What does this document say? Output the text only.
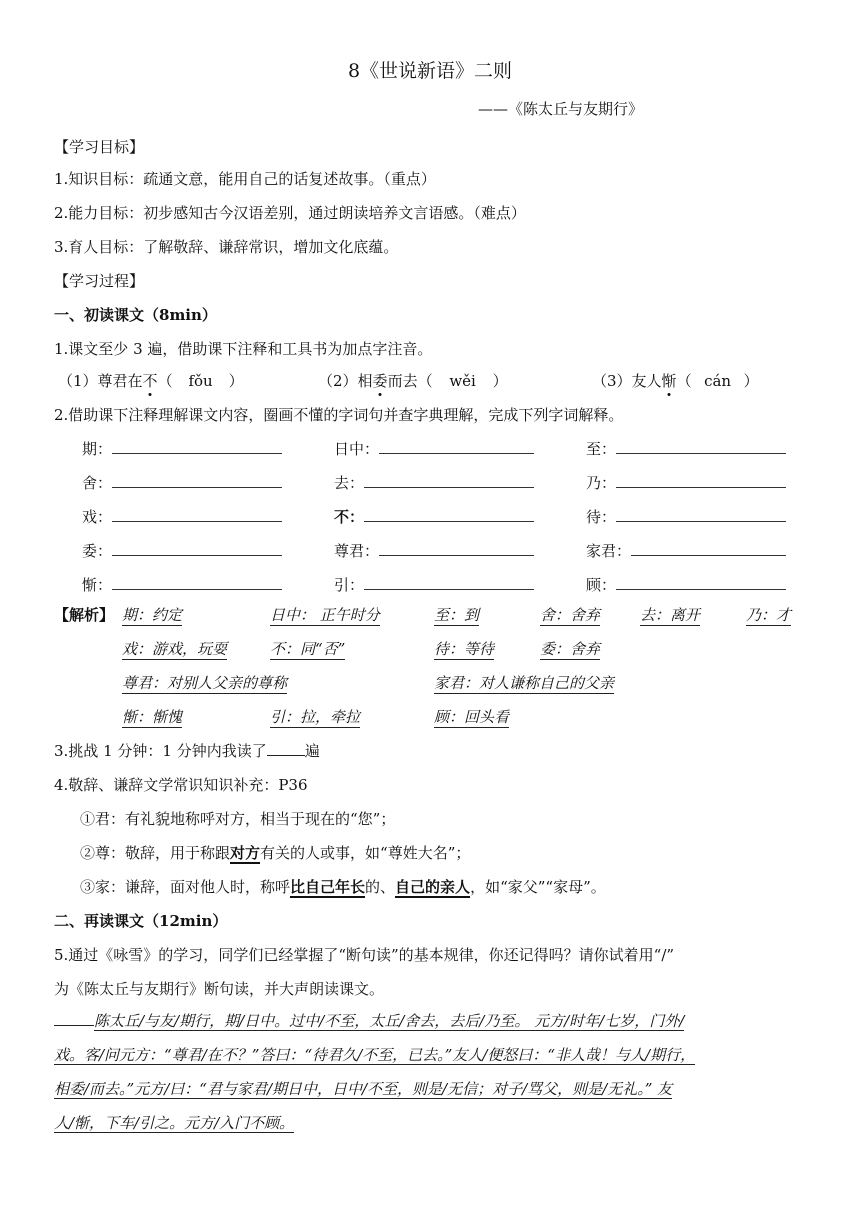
8《世说新语》二则
——《陈太丘与友期行》
【学习目标】
1.知识目标：疏通文意，能用自己的话复述故事。（重点）
2.能力目标：初步感知古今汉语差别，通过朗读培养文言语感。（难点）
3.育人目标：了解敬辞、谦辞常识，增加文化底蕴。
【学习过程】
一、初读课文（8min）
1.课文至少 3 遍，借助课下注释和工具书为加点字注音。
（1）尊君在不（ fǒu ）	（2）相委而去（ wěi ）	（3）友人惭（ cán ）
2.借助课下注释理解课文内容，圈画不懂的字词句并查字典理解，完成下列字词解释。
期：	日中：	至：
舍：	去：	乃：
戏：	不：	待：
委：	尊君：	家君：
惭：	引：	顾：
【解析】 期：约定	日中： 正午时分	至：到	舍：舍弃	去：离开	乃：才
戏：游戏，玩耍	不：同“否”	待：等待	委：舍弃
尊君：对别人父亲的尊称	家君：对人谦称自己的父亲
惭：惭愧	引：拉，牵拉	顾：回头看
3.挑战 1 分钟：1 分钟内我读了	遍
4.敬辞、谦辞文学常识知识补充：P36
①君：有礼貌地称呼对方，相当于现在的“您”；
②尊：敬辞，用于称跟对方有关的人或事，如“尊姓大名”；
③家：谦辞，面对他人时，称呼比自己年长的、自己的亲人，如“家父”“家母”。
二、再读课文（12min）
5.通过《咏雪》的学习，同学们已经掌握了“断句读”的基本规律，你还记得吗？请你试着用“/”
为《陈太丘与友期行》断句读，并大声朗读课文。
陈太丘/与友/期行，期/日中。过中/不至，太丘/舍去，去后/乃至。 元方/时年/七岁，门外/
戏。客/问元方：“尊君/在不？”答曰：“待君久/不至，已去。”友人/便怒曰：“非人哉！与人/期行，
相委/而去。”元方/曰：“君与家君/期日中，日中/不至，则是/无信；对子/骂父，则是/无礼。” 友
人/惭，下车/引之。元方/入门不顾。
